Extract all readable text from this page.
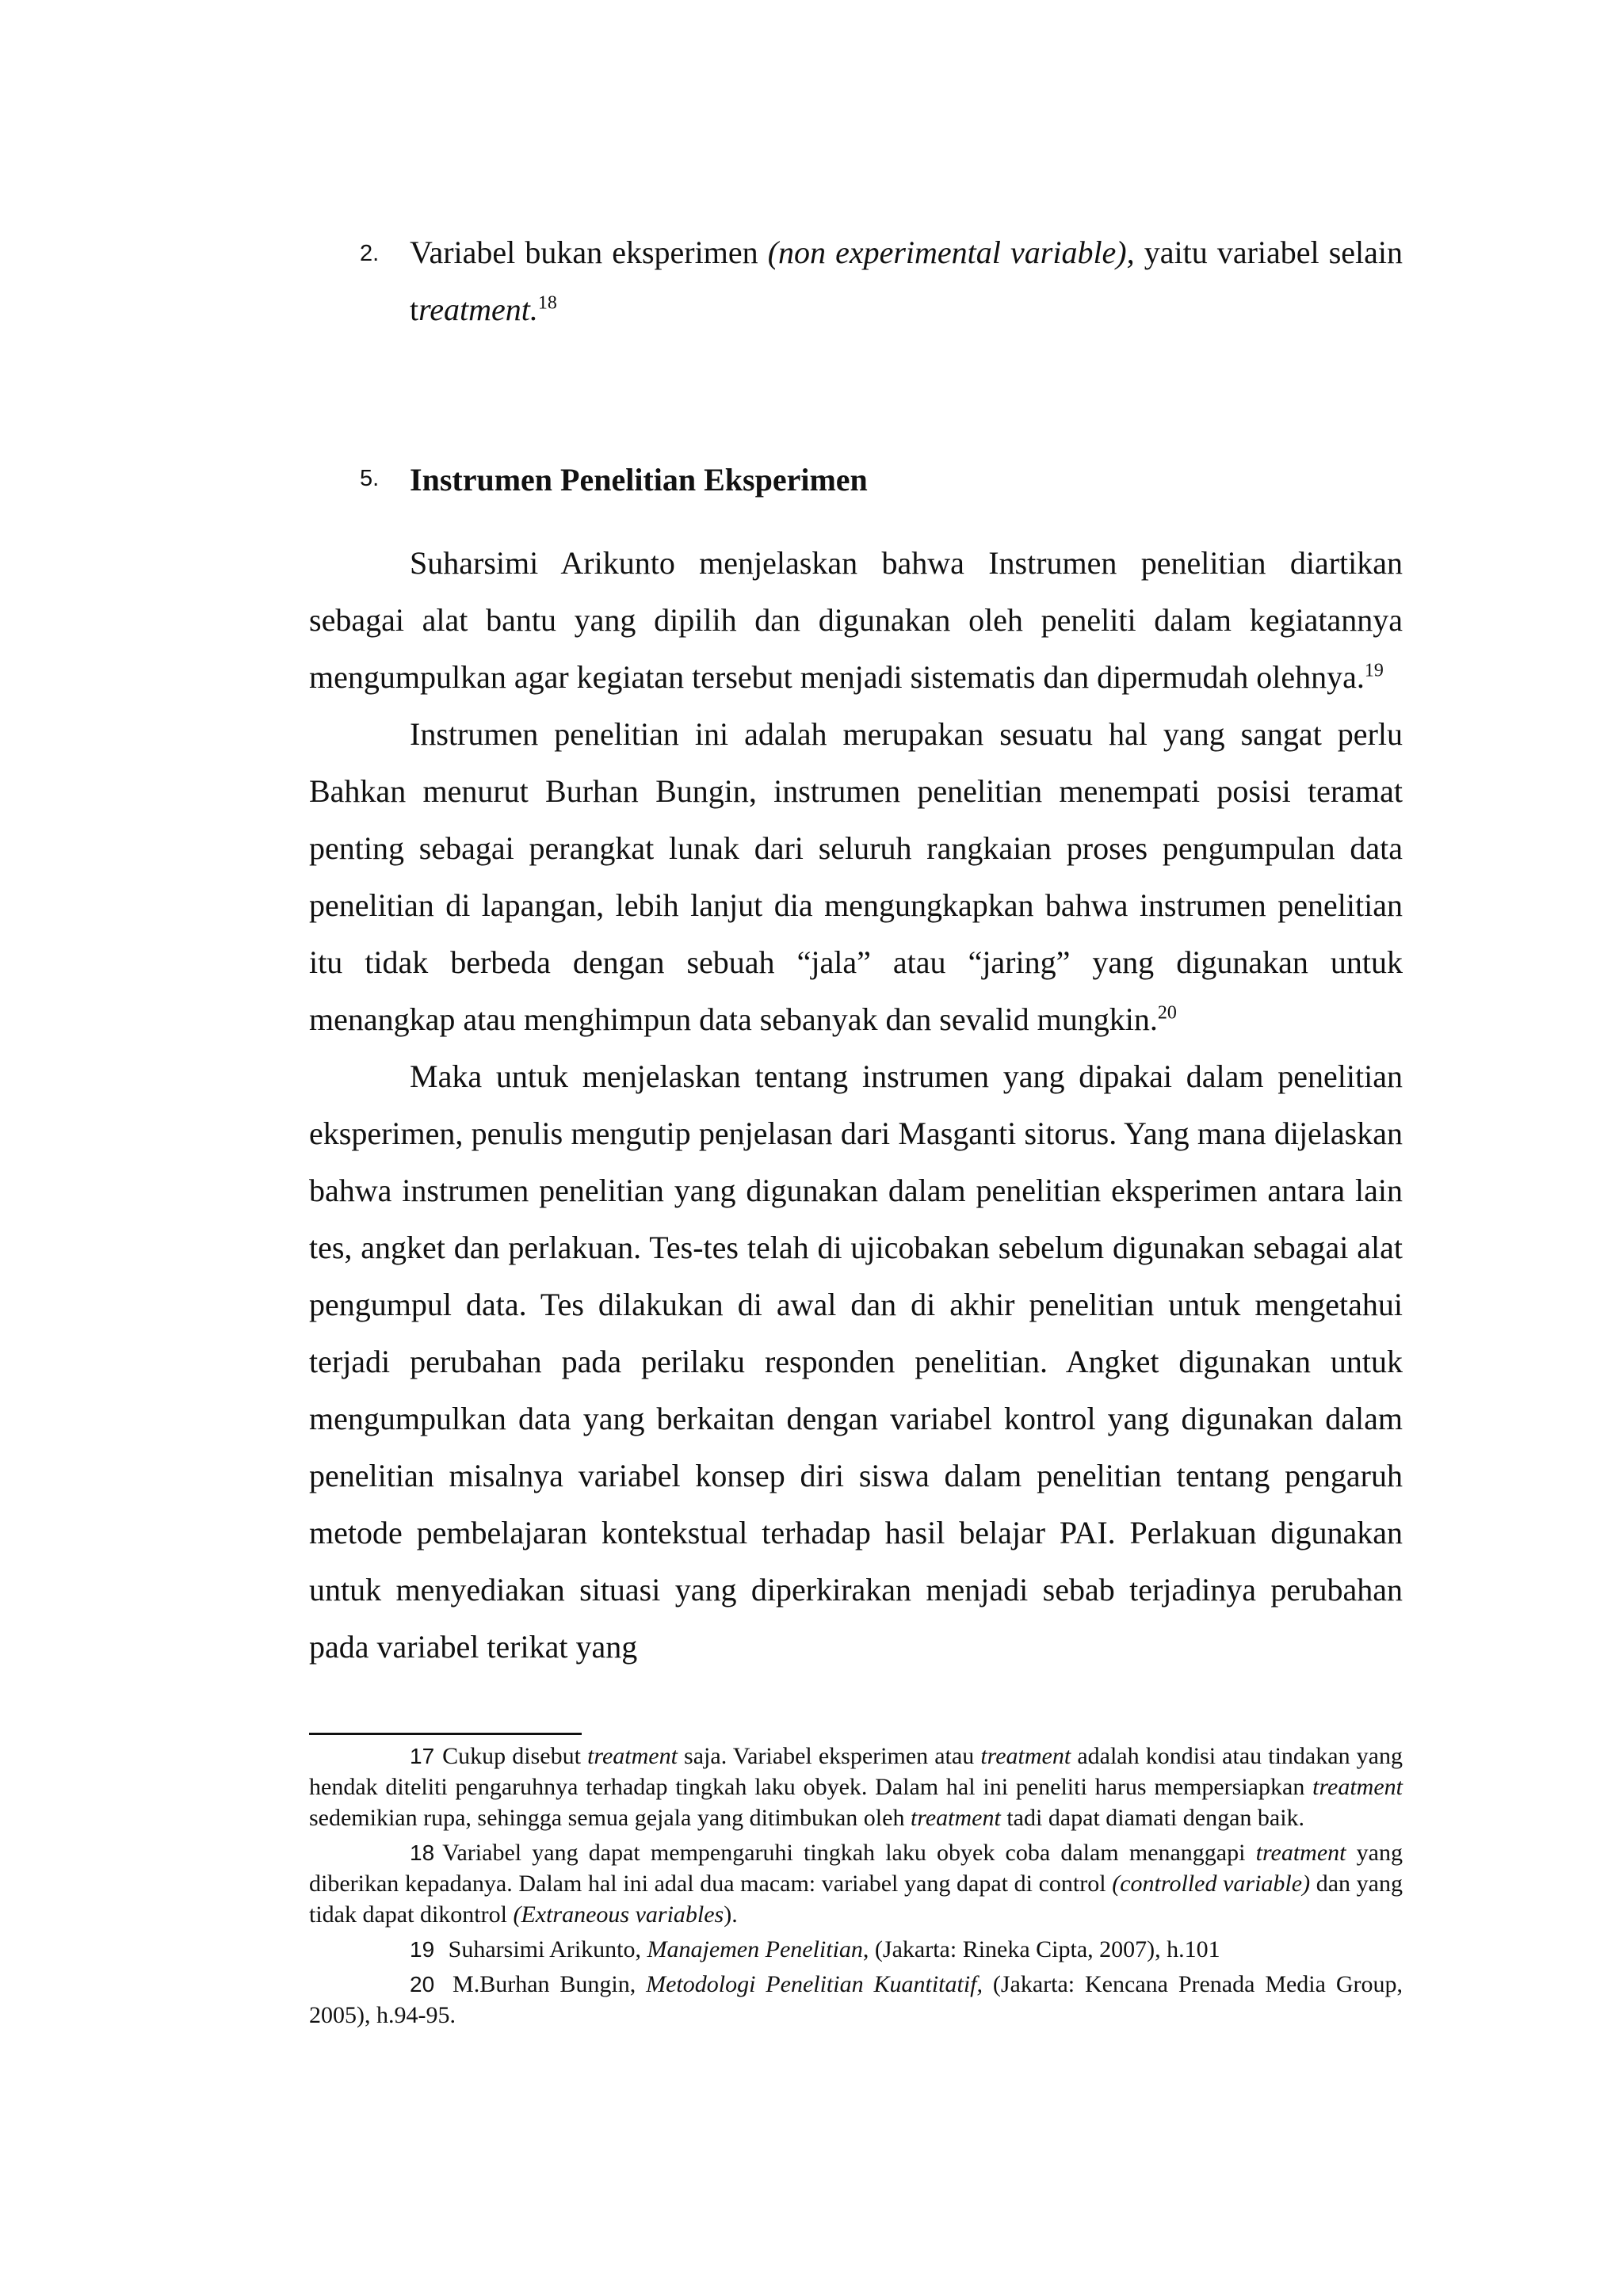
2. Variabel bukan eksperimen (non experimental variable), yaitu variabel selain treatment.$^{18}$
5. Instrumen Penelitian Eksperimen

Suharsimi Arikunto menjelaskan bahwa Instrumen penelitian diartikan sebagai alat bantu yang dipilih dan digunakan oleh peneliti dalam kegiatannya mengumpulkan agar kegiatan tersebut menjadi sistematis dan dipermudah olehnya.$^{19}$

Instrumen penelitian ini adalah merupakan sesuatu hal yang sangat perlu Bahkan menurut Burhan Bungin, instrumen penelitian menempati posisi teramat penting sebagai perangkat lunak dari seluruh rangkaian proses pengumpulan data penelitian di lapangan, lebih lanjut dia mengungkapkan bahwa instrumen penelitian itu tidak berbeda dengan sebuah “jala” atau “jaring” yang digunakan untuk menangkap atau menghimpun data sebanyak dan sevalid mungkin.$^{20}$

Maka untuk menjelaskan tentang instrumen yang dipakai dalam penelitian eksperimen, penulis mengutip penjelasan dari Masganti sitorus. Yang mana dijelaskan bahwa instrumen penelitian yang digunakan dalam penelitian eksperimen antara lain tes, angket dan perlakuan. Tes-tes telah di ujicobakan sebelum digunakan sebagai alat pengumpul data. Tes dilakukan di awal dan di akhir penelitian untuk mengetahui terjadi perubahan pada perilaku responden penelitian. Angket digunakan untuk mengumpulkan data yang berkaitan dengan variabel kontrol yang digunakan dalam penelitian misalnya variabel konsep diri siswa dalam penelitian tentang pengaruh metode pembelajaran kontekstual terhadap hasil belajar PAI. Perlakuan digunakan untuk menyediakan situasi yang diperkirakan menjadi sebab terjadinya perubahan pada variabel terikat yang

17 Cukup disebut treatment saja. Variabel eksperimen atau treatment adalah kondisi atau tindakan yang hendak diteliti pengaruhnya terhadap tingkah laku obyek. Dalam hal ini peneliti harus mempersiapkan treatment sedemikian rupa, sehingga semua gejala yang ditimbukan oleh treatment tadi dapat diamati dengan baik.

18 Variabel yang dapat mempengaruhi tingkah laku obyek coba dalam menanggapi treatment yang diberikan kepadanya. Dalam hal ini adal dua macam: variabel yang dapat di control (controlled variable) dan yang tidak dapat dikontrol (Extraneous variables).

19 Suharsimi Arikunto, Manajemen Penelitian, (Jakarta: Rineka Cipta, 2007), h.101

20 M.Burhan Bungin, Metodologi Penelitian Kuantitatif, (Jakarta: Kencana Prenada Media Group, 2005), h.94-95.
